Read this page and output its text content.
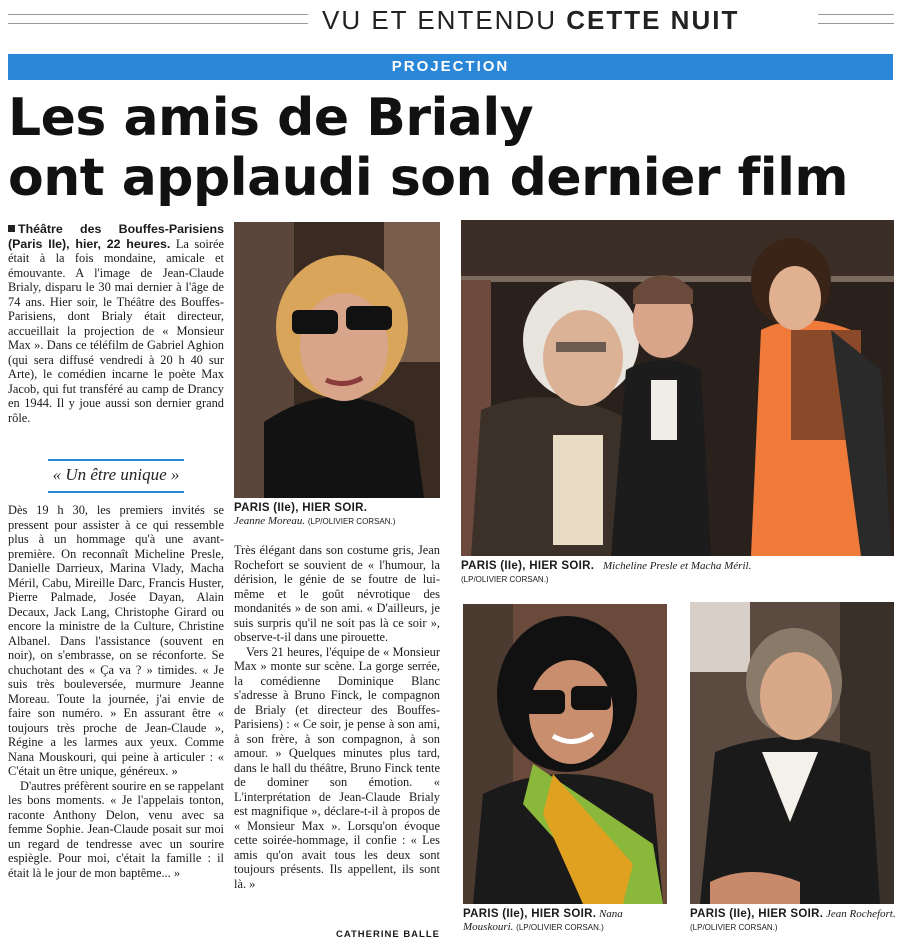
VU ET ENTENDU CETTE NUIT
PROJECTION
Les amis de Brialy
ont applaudi son dernier film

Théâtre des Bouffes-Parisiens (Paris IIe), hier, 22 heures. La soirée était à la fois mondaine, amicale et émouvante. A l'image de Jean-Claude Brialy, disparu le 30 mai dernier à l'âge de 74 ans. Hier soir, le Théâtre des Bouffes-Parisiens, dont Brialy était directeur, accueillait la projection de « Monsieur Max ». Dans ce téléfilm de Gabriel Aghion (qui sera diffusé vendredi à 20 h 40 sur Arte), le comédien incarne le poète Max Jacob, qui fut transféré au camp de Drancy en 1944. Il y joue aussi son dernier grand rôle.

« Un être unique »

Dès 19 h 30, les premiers invités se pressent pour assister à ce qui ressemble plus à un hommage qu'à une avant-première. On reconnaît Micheline Presle, Danielle Darrieux, Marina Vlady, Macha Méril, Cabu, Mireille Darc, Francis Huster, Pierre Palmade, Josée Dayan, Alain Decaux, Jack Lang, Christophe Girard ou encore la ministre de la Culture, Christine Albanel. Dans l'assistance (souvent en noir), on s'embrasse, on se réconforte. Se chuchotant des « Ça va ? » timides. « Je suis très bouleversée, murmure Jeanne Moreau. Toute la journée, j'ai envie de faire son numéro. » En assurant être « toujours très proche de Jean-Claude », Régine a les larmes aux yeux. Comme Nana Mouskouri, qui peine à articuler : « C'était un être unique, généreux. »

D'autres préfèrent sourire en se rappelant les bons moments. « Je l'appelais tonton, raconte Anthony Delon, venu avec sa femme Sophie. Jean-Claude posait sur moi un regard de tendresse avec un sourire espiègle. Pour moi, c'était la famille : il était là le jour de mon baptême... »

Très élégant dans son costume gris, Jean Rochefort se souvient de « l'humour, la dérision, le génie de se foutre de lui-même et le goût névrotique des mondanités » de son ami. « D'ailleurs, je suis surpris qu'il ne soit pas là ce soir », observe-t-il dans une pirouette.

Vers 21 heures, l'équipe de « Monsieur Max » monte sur scène. La gorge serrée, la comédienne Dominique Blanc s'adresse à Bruno Finck, le compagnon de Brialy (et directeur des Bouffes-Parisiens) : « Ce soir, je pense à son ami, à son frère, à son compagnon, à son amour. » Quelques minutes plus tard, dans le hall du théâtre, Bruno Finck tente de dominer son émotion. « L'interprétation de Jean-Claude Brialy est magnifique », déclare-t-il à propos de « Monsieur Max ». Lorsqu'on évoque cette soirée-hommage, il confie : « Les amis qu'on avait tous les deux sont toujours présents. Ils appellent, ils sont là. »

CATHERINE BALLE
PARIS (IIe), HIER SOIR.
Jeanne Moreau. (LP/OLIVIER CORSAN.)
PARIS (IIe), HIER SOIR. Micheline Presle et Macha Méril.
(LP/OLIVIER CORSAN.)
PARIS (IIe), HIER SOIR. Nana Mouskouri. (LP/OLIVIER CORSAN.)
PARIS (IIe), HIER SOIR. Jean Rochefort. (LP/OLIVIER CORSAN.)
